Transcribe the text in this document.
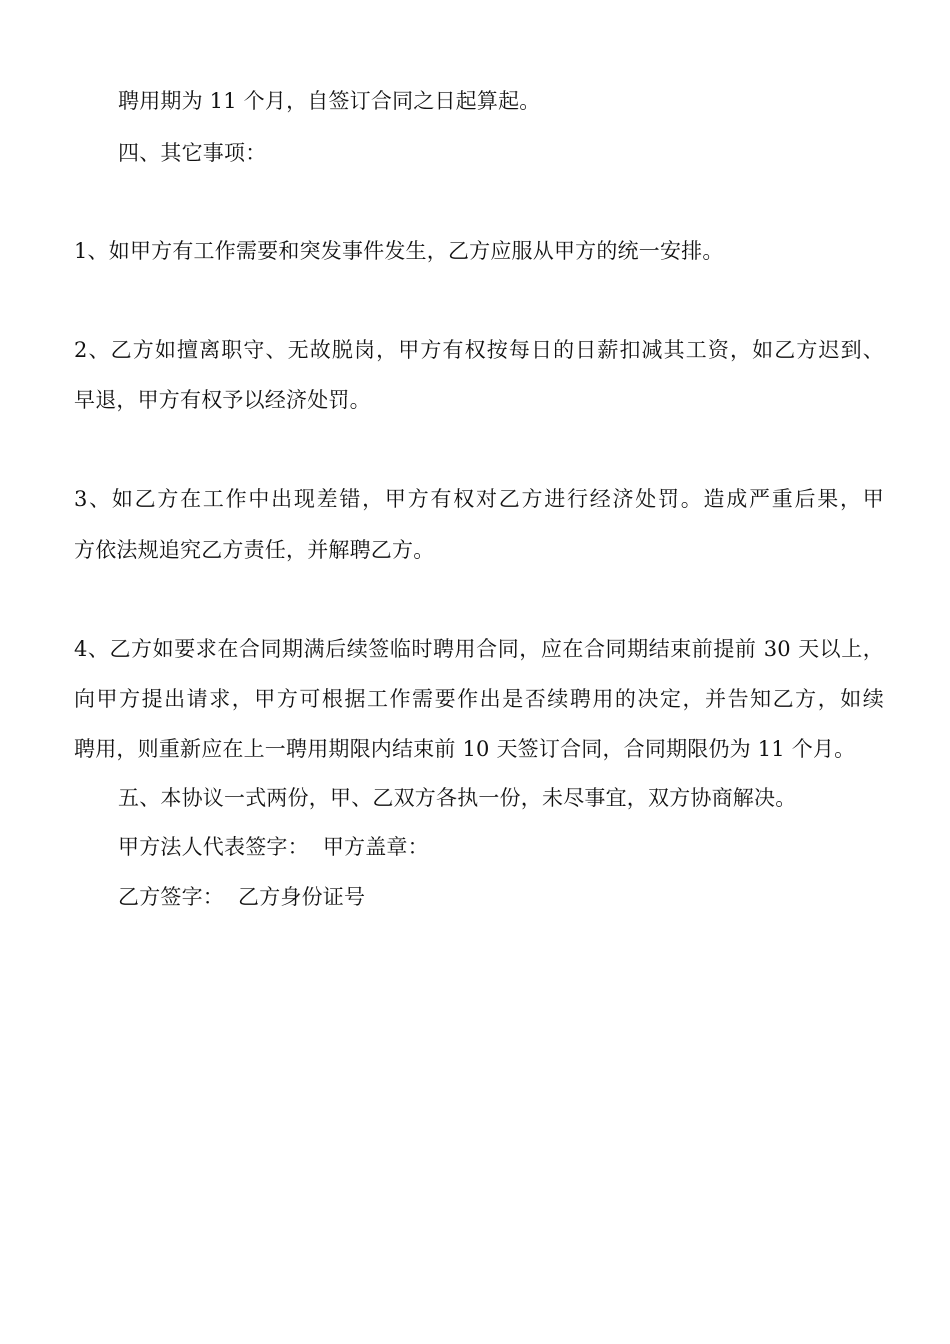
聘用期为 11 个月，自签订合同之日起算起。
四、其它事项：
1、如甲方有工作需要和突发事件发生，乙方应服从甲方的统一安排。
2、乙方如擅离职守、无故脱岗，甲方有权按每日的日薪扣减其工资，如乙方迟到、
早退，甲方有权予以经济处罚。
3、如乙方在工作中出现差错，甲方有权对乙方进行经济处罚。造成严重后果，甲
方依法规追究乙方责任，并解聘乙方。
4、乙方如要求在合同期满后续签临时聘用合同，应在合同期结束前提前 30 天以上，
向甲方提出请求，甲方可根据工作需要作出是否续聘用的决定，并告知乙方，如续
聘用，则重新应在上一聘用期限内结束前 10 天签订合同，合同期限仍为 11 个月。
五、本协议一式两份，甲、乙双方各执一份，未尽事宜，双方协商解决。
甲方法人代表签字： 甲方盖章：
乙方签字： 乙方身份证号
